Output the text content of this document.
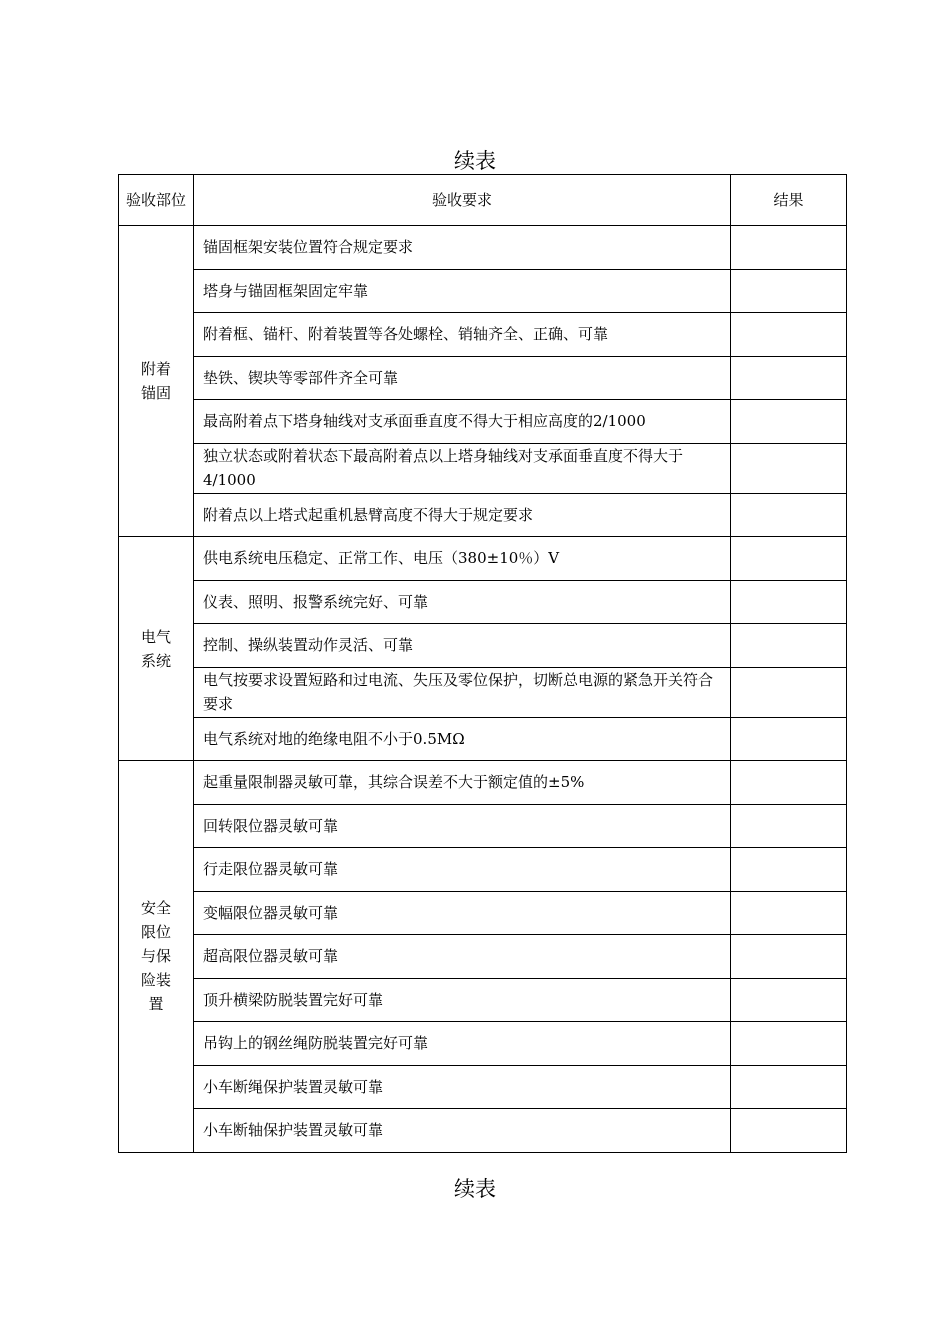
续表
验收部位	验收要求	结果
附着锚固	锚固框架安装位置符合规定要求	
	塔身与锚固框架固定牢靠	
	附着框、锚杆、附着装置等各处螺栓、销轴齐全、正确、可靠	
	垫铁、锲块等零部件齐全可靠	
	最高附着点下塔身轴线对支承面垂直度不得大于相应高度的2/1000	
	独立状态或附着状态下最高附着点以上塔身轴线对支承面垂直度不得大于4/1000	
	附着点以上塔式起重机悬臂高度不得大于规定要求	
电气系统	供电系统电压稳定、正常工作、电压（380±10％）V	
	仪表、照明、报警系统完好、可靠	
	控制、操纵装置动作灵活、可靠	
	电气按要求设置短路和过电流、失压及零位保护，切断总电源的紧急开关符合要求	
	电气系统对地的绝缘电阻不小于0.5MΩ	
安全限位与保险装置	起重量限制器灵敏可靠，其综合误差不大于额定值的±5%	
	回转限位器灵敏可靠	
	行走限位器灵敏可靠	
	变幅限位器灵敏可靠	
	超高限位器灵敏可靠	
	顶升横梁防脱装置完好可靠	
	吊钩上的钢丝绳防脱装置完好可靠	
	小车断绳保护装置灵敏可靠	
	小车断轴保护装置灵敏可靠	
续表
